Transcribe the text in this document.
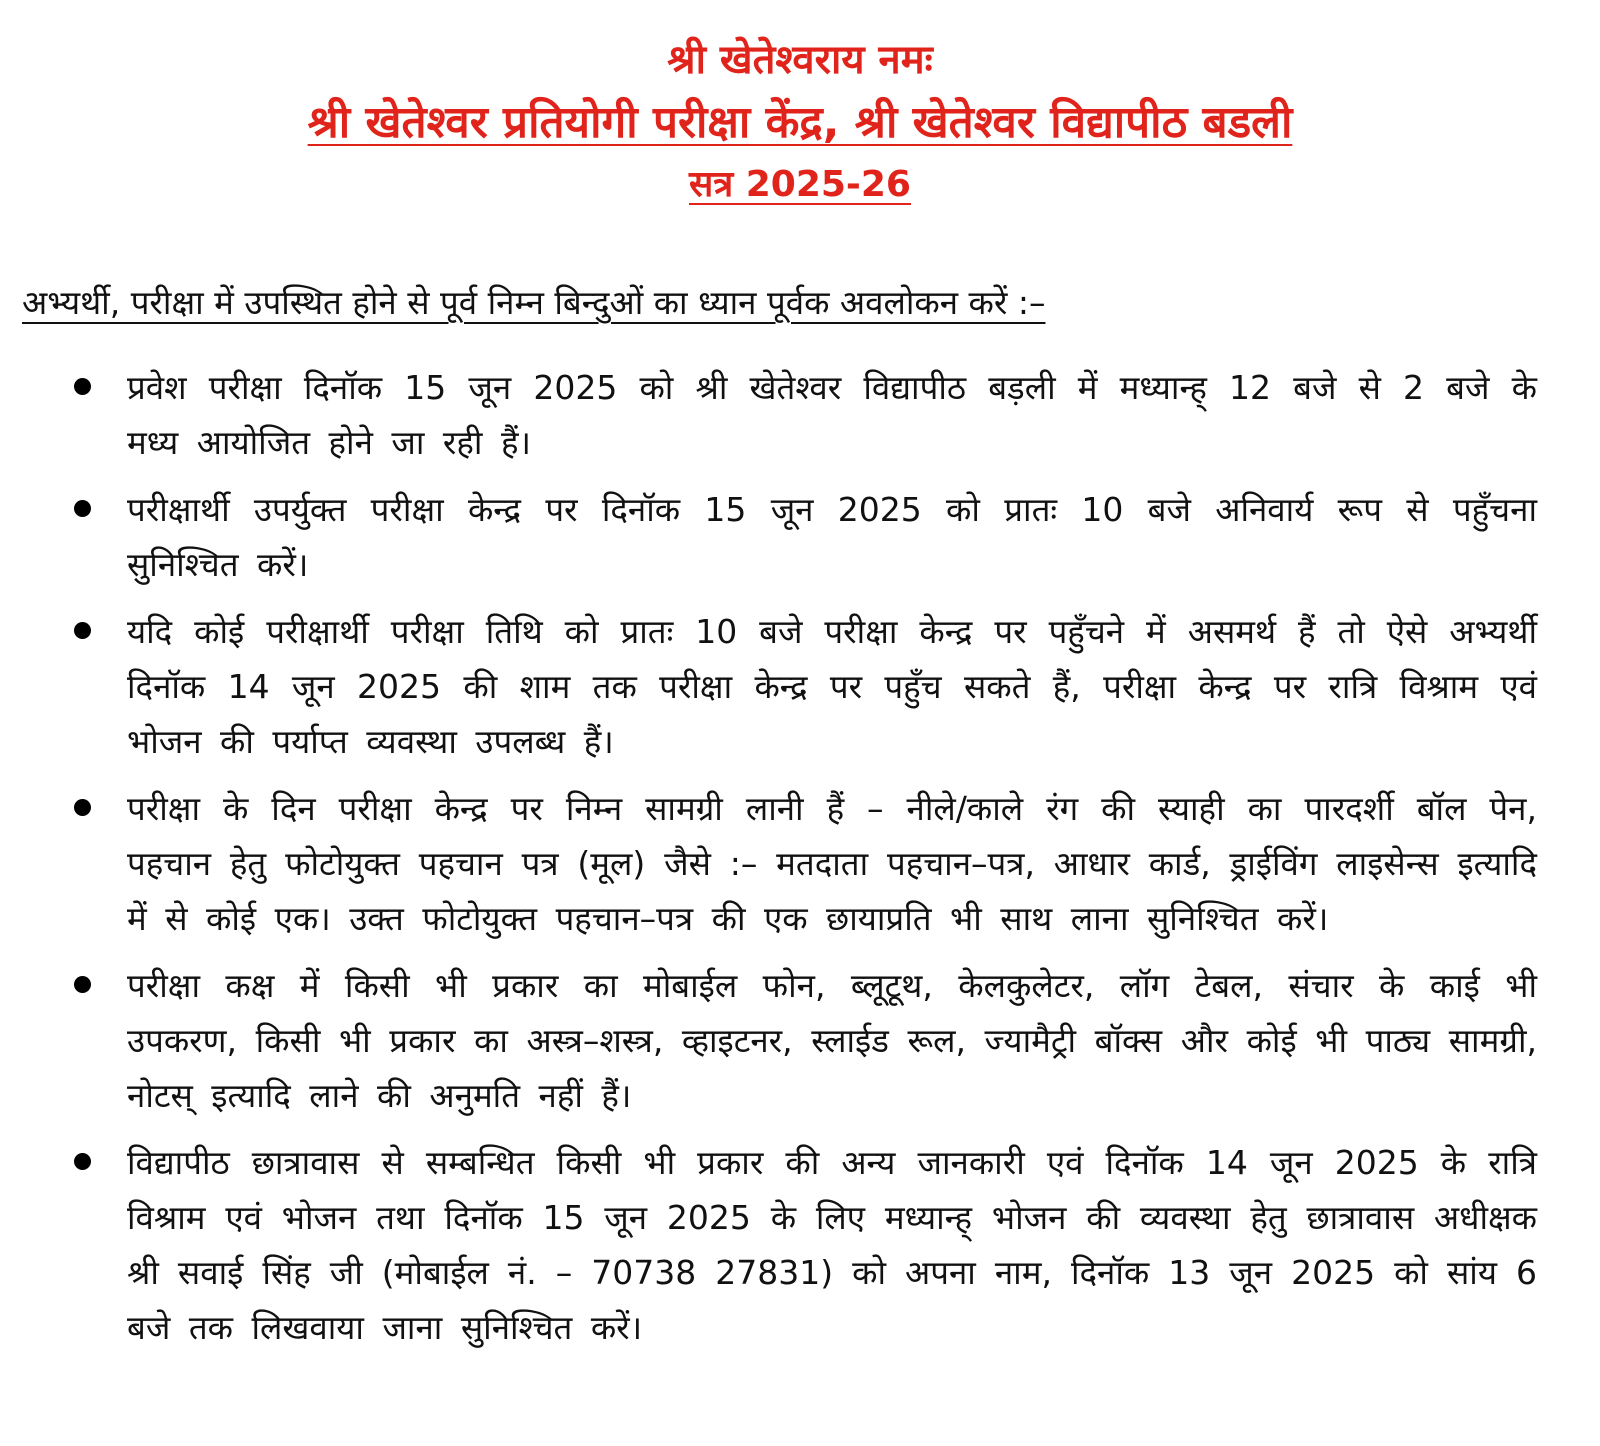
श्री खेतेश्वराय नमः
श्री खेतेश्वर प्रतियोगी परीक्षा केंद्र, श्री खेतेश्वर विद्यापीठ बडली
सत्र 2025-26
अभ्यर्थी, परीक्षा में उपस्थित होने से पूर्व निम्न बिन्दुओं का ध्यान पूर्वक अवलोकन करें :–
प्रवेश परीक्षा दिनॉक 15 जून 2025 को श्री खेतेश्वर विद्यापीठ बड़ली में मध्यान्ह् 12 बजे से 2 बजे के मध्य आयोजित होने जा रही हैं।
परीक्षार्थी उपर्युक्त परीक्षा केन्द्र पर दिनॉक 15 जून 2025 को प्रातः 10 बजे अनिवार्य रूप से पहुँचना सुनिश्चित करें।
यदि कोई परीक्षार्थी परीक्षा तिथि को प्रातः 10 बजे परीक्षा केन्द्र पर पहुँचने में असमर्थ हैं तो ऐसे अभ्यर्थी दिनॉक 14 जून 2025 की शाम तक परीक्षा केन्द्र पर पहुँच सकते हैं, परीक्षा केन्द्र पर रात्रि विश्राम एवं भोजन की पर्याप्त व्यवस्था उपलब्ध हैं।
परीक्षा के दिन परीक्षा केन्द्र पर निम्न सामग्री लानी हैं – नीले/काले रंग की स्याही का पारदर्शी बॉल पेन, पहचान हेतु फोटोयुक्त पहचान पत्र (मूल) जैसे :– मतदाता पहचान–पत्र, आधार कार्ड, ड्राईविंग लाइसेन्स इत्यादि में से कोई एक। उक्त फोटोयुक्त पहचान–पत्र की एक छायाप्रति भी साथ लाना सुनिश्चित करें।
परीक्षा कक्ष में किसी भी प्रकार का मोबाईल फोन, ब्लूटूथ, केलकुलेटर, लॉग टेबल, संचार के काई भी उपकरण, किसी भी प्रकार का अस्त्र–शस्त्र, व्हाइटनर, स्लाईड रूल, ज्यामैट्री बॉक्स और कोई भी पाठ्य सामग्री, नोटस् इत्यादि लाने की अनुमति नहीं हैं।
विद्यापीठ छात्रावास से सम्बन्धित किसी भी प्रकार की अन्य जानकारी एवं दिनॉक 14 जून 2025 के रात्रि विश्राम एवं भोजन तथा दिनॉक 15 जून 2025 के लिए मध्यान्ह् भोजन की व्यवस्था हेतु छात्रावास अधीक्षक श्री सवाई सिंह जी (मोबाईल नं. – 70738 27831) को अपना नाम, दिनॉक 13 जून 2025 को सांय 6 बजे तक लिखवाया जाना सुनिश्चित करें।
